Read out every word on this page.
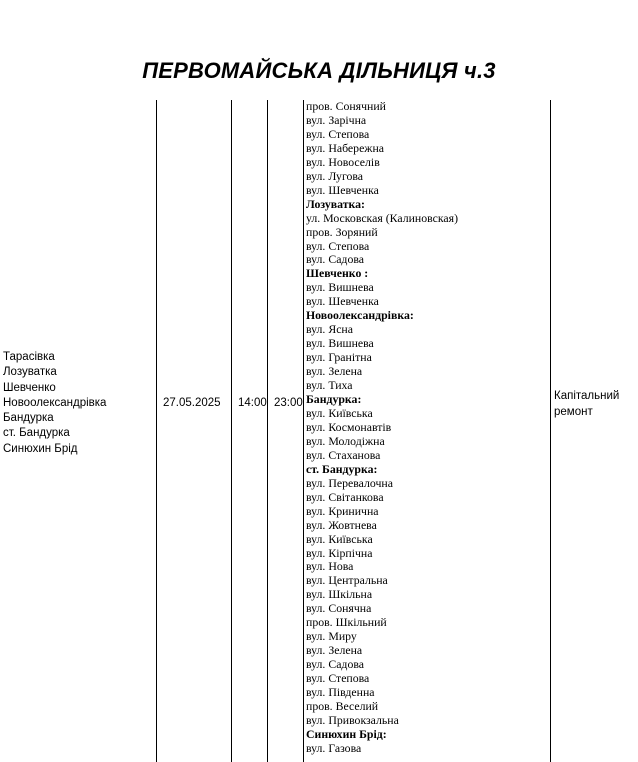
ПЕРВОМАЙСЬКА ДІЛЬНИЦЯ ч.3
Тарасівка
Лозуватка
Шевченко
Новоолександрівка
Бандурка
ст. Бандурка
Синюхин Брід
27.05.2025 14:00 23:00
пров. Сонячний
вул. Зарічна
вул. Степова
вул. Набережна
вул. Новоселів
вул. Лугова
вул. Шевченка
Лозуватка:
ул. Московская (Калиновская)
пров. Зоряний
вул. Степова
вул. Садова
Шевченко :
вул. Вишнева
вул. Шевченка
Новоолександрівка:
вул. Ясна
вул. Вишнева
вул. Гранітна
вул. Зелена
вул. Тиха
Бандурка:
вул. Київська
вул. Космонавтів
вул. Молодіжна
вул. Стаханова
ст. Бандурка:
вул. Перевалочна
вул. Світанкова
вул. Кринична
вул. Жовтнева
вул. Київська
вул. Кірпічна
вул. Нова
вул. Центральна
вул. Шкільна
вул. Сонячна
пров. Шкільний
вул. Миру
вул. Зелена
вул. Садова
вул. Степова
вул. Південна
пров. Веселий
вул. Привокзальна
Синюхин Брід:
вул. Газова
Капітальний
ремонт
